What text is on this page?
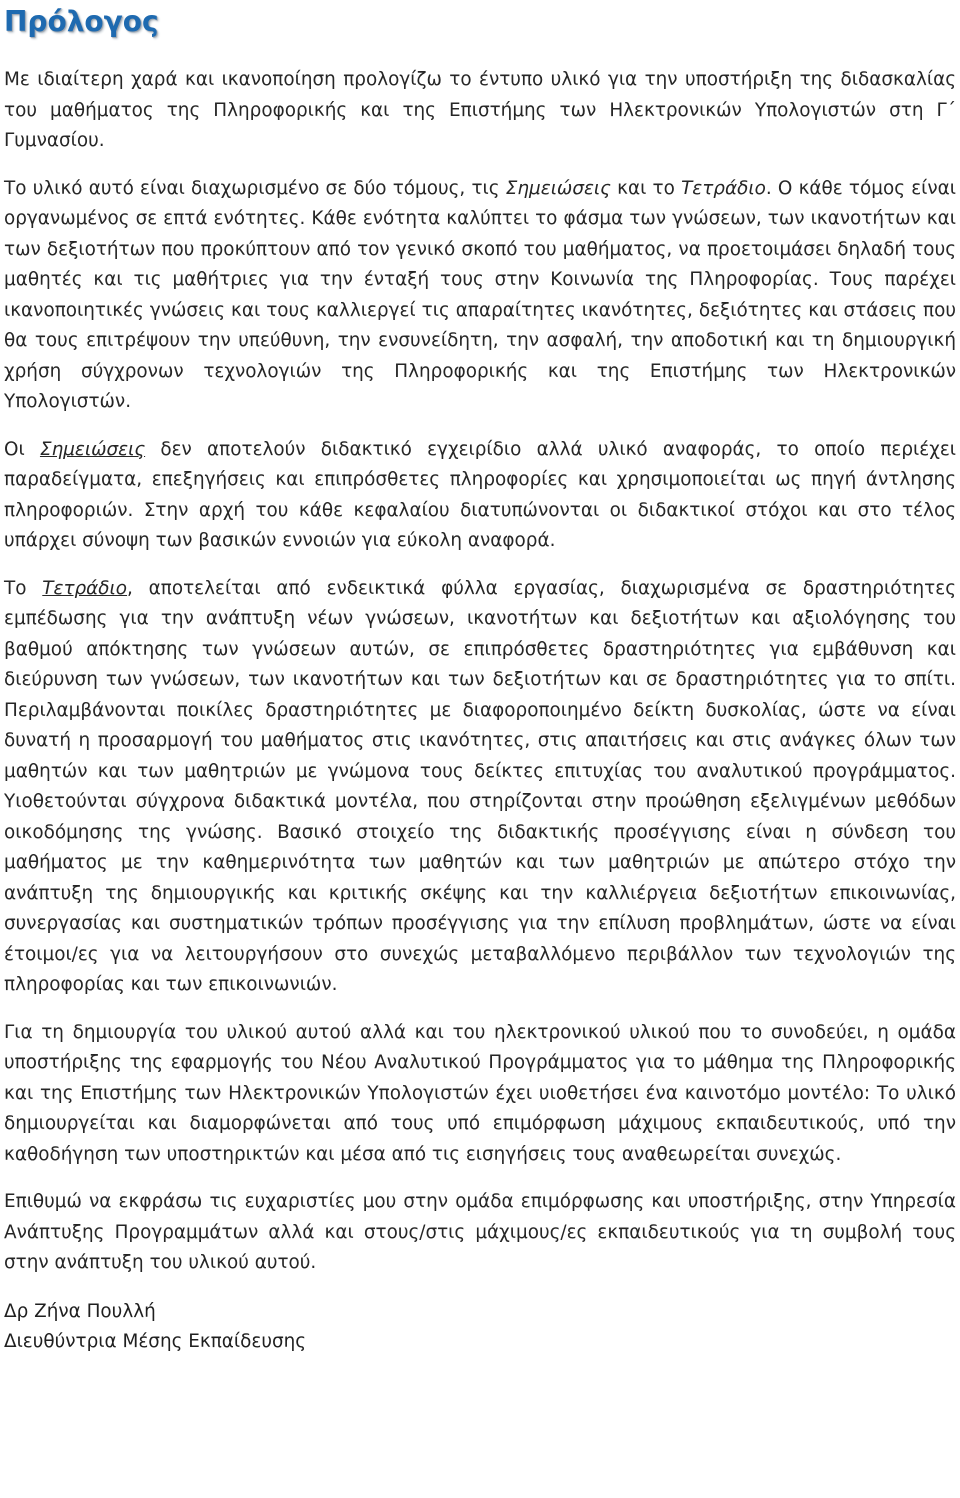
Πρόλογος

Με ιδιαίτερη χαρά και ικανοποίηση προλογίζω το έντυπο υλικό για την υποστήριξη της διδασκαλίας του μαθήματος της Πληροφορικής και της Επιστήμης των Ηλεκτρονικών Υπολογιστών στη Γ΄ Γυμνασίου.

Το υλικό αυτό είναι διαχωρισμένο σε δύο τόμους, τις Σημειώσεις και το Τετράδιο. Ο κάθε τόμος είναι οργανωμένος σε επτά ενότητες. Κάθε ενότητα καλύπτει το φάσμα των γνώσεων, των ικανοτήτων και των δεξιοτήτων που προκύπτουν από τον γενικό σκοπό του μαθήματος, να προετοιμάσει δηλαδή τους μαθητές και τις μαθήτριες για την ένταξή τους στην Κοινωνία της Πληροφορίας. Τους παρέχει ικανοποιητικές γνώσεις και τους καλλιεργεί τις απαραίτητες ικανότητες, δεξιότητες και στάσεις που θα τους επιτρέψουν την υπεύθυνη, την ενσυνείδητη, την ασφαλή, την αποδοτική και τη δημιουργική χρήση σύγχρονων τεχνολογιών της Πληροφορικής και της Επιστήμης των Ηλεκτρονικών Υπολογιστών.

Οι Σημειώσεις δεν αποτελούν διδακτικό εγχειρίδιο αλλά υλικό αναφοράς, το οποίο περιέχει παραδείγματα, επεξηγήσεις και επιπρόσθετες πληροφορίες και χρησιμοποιείται ως πηγή άντλησης πληροφοριών. Στην αρχή του κάθε κεφαλαίου διατυπώνονται οι διδακτικοί στόχοι και στο τέλος υπάρχει σύνοψη των βασικών εννοιών για εύκολη αναφορά.

Το Τετράδιο, αποτελείται από ενδεικτικά φύλλα εργασίας, διαχωρισμένα σε δραστηριότητες εμπέδωσης για την ανάπτυξη νέων γνώσεων, ικανοτήτων και δεξιοτήτων και αξιολόγησης του βαθμού απόκτησης των γνώσεων αυτών, σε επιπρόσθετες δραστηριότητες για εμβάθυνση και διεύρυνση των γνώσεων, των ικανοτήτων και των δεξιοτήτων και σε δραστηριότητες για το σπίτι. Περιλαμβάνονται ποικίλες δραστηριότητες με διαφοροποιημένο δείκτη δυσκολίας, ώστε να είναι δυνατή η προσαρμογή του μαθήματος στις ικανότητες, στις απαιτήσεις και στις ανάγκες όλων των μαθητών και των μαθητριών με γνώμονα τους δείκτες επιτυχίας του αναλυτικού προγράμματος. Υιοθετούνται σύγχρονα διδακτικά μοντέλα, που στηρίζονται στην προώθηση εξελιγμένων μεθόδων οικοδόμησης της γνώσης. Βασικό στοιχείο της διδακτικής προσέγγισης είναι η σύνδεση του μαθήματος με την καθημερινότητα των μαθητών και των μαθητριών με απώτερο στόχο την ανάπτυξη της δημιουργικής και κριτικής σκέψης και την καλλιέργεια δεξιοτήτων επικοινωνίας, συνεργασίας και συστηματικών τρόπων προσέγγισης για την επίλυση προβλημάτων, ώστε να είναι έτοιμοι/ες για να λειτουργήσουν στο συνεχώς μεταβαλλόμενο περιβάλλον των τεχνολογιών της πληροφορίας και των επικοινωνιών.

Για τη δημιουργία του υλικού αυτού αλλά και του ηλεκτρονικού υλικού που το συνοδεύει, η ομάδα υποστήριξης της εφαρμογής του Νέου Αναλυτικού Προγράμματος για το μάθημα της Πληροφορικής και της Επιστήμης των Ηλεκτρονικών Υπολογιστών έχει υιοθετήσει ένα καινοτόμο μοντέλο: Το υλικό δημιουργείται και διαμορφώνεται από τους υπό επιμόρφωση μάχιμους εκπαιδευτικούς, υπό την καθοδήγηση των υποστηρικτών και μέσα από τις εισηγήσεις τους αναθεωρείται συνεχώς.

Επιθυμώ να εκφράσω τις ευχαριστίες μου στην ομάδα επιμόρφωσης και υποστήριξης, στην Υπηρεσία Ανάπτυξης Προγραμμάτων αλλά και στους/στις μάχιμους/ες εκπαιδευτικούς για τη συμβολή τους στην ανάπτυξη του υλικού αυτού.

Δρ Ζήνα Πουλλή
Διευθύντρια Μέσης Εκπαίδευσης
